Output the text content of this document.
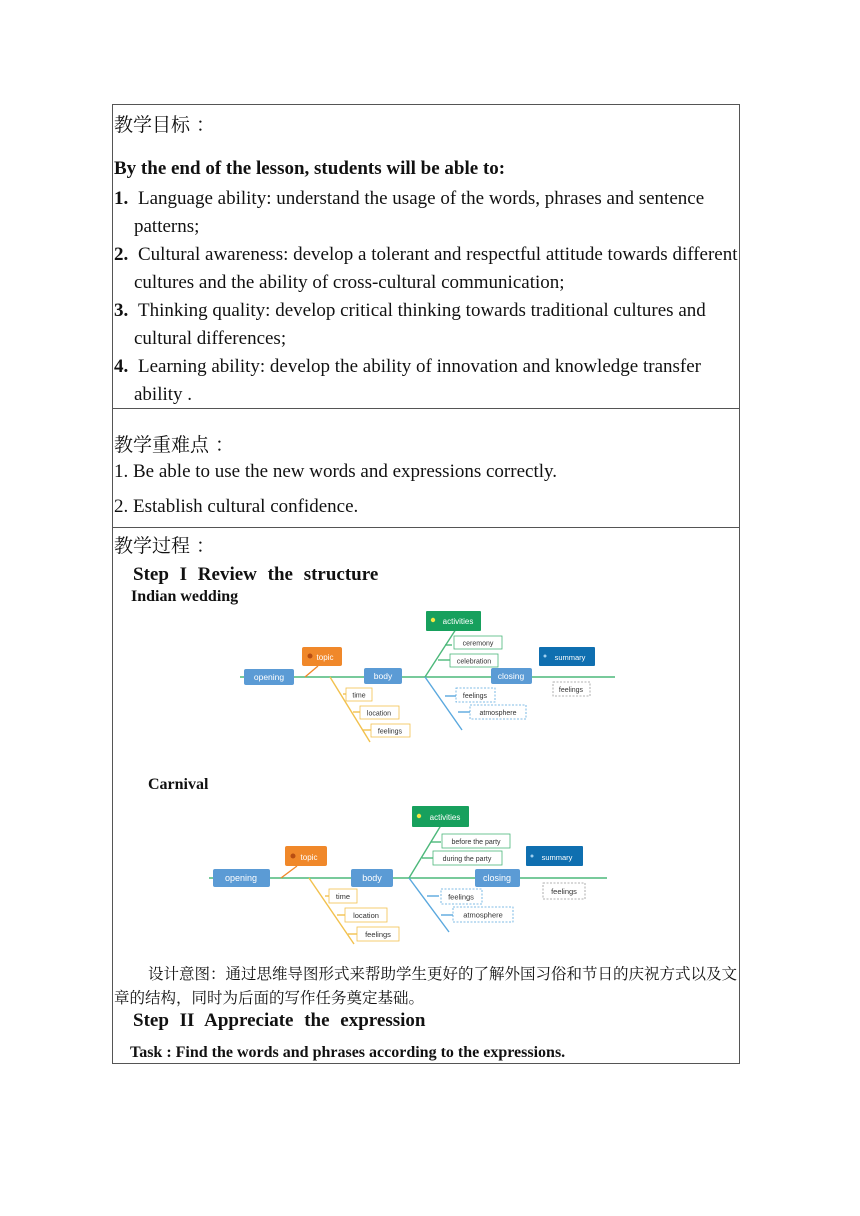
教学目标 ：
By the end of the lesson, students will be able to:
1. Language ability: understand the usage of the words, phrases and sentence patterns;
2. Cultural awareness: develop a tolerant and respectful attitude towards different cultures and the ability of cross-cultural communication;
3. Thinking quality: develop critical thinking towards traditional cultures and cultural differences;
4. Learning ability: develop the ability of innovation and knowledge transfer ability .
教学重难点 ：
1. Be able to use the new words and expressions correctly.
2. Establish cultural confidence.
教学过程 ：
Step I Review the structure
Indian wedding
Carnival
设计意图：通过思维导图形式来帮助学生更好的了解外国习俗和节日的庆祝方式以及文章的结构，同时为后面的写作任务奠定基础。
Step II Appreciate the expression
Task : Find the words and phrases according to the expressions.
opening
topic
body
activities
ceremony
celebration
closing
summary
feelings
feelings
atmosphere
time
location
feelings
opening
topic
body
activities
before the party
during the party
closing
summary
feelings
feelings
atmosphere
time
location
feelings
